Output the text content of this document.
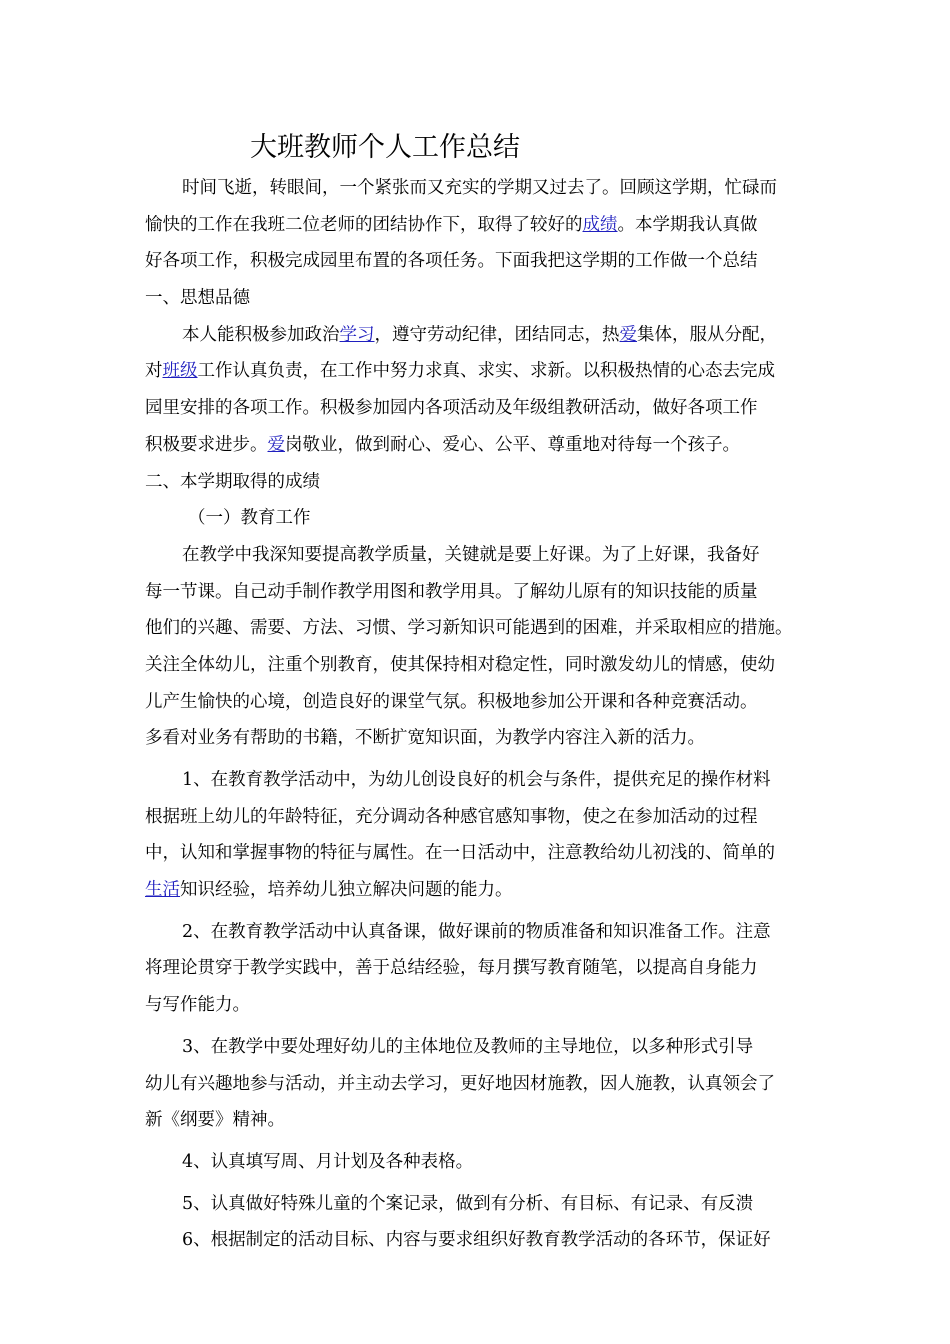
大班教师个人工作总结
时间飞逝，转眼间，一个紧张而又充实的学期又过去了。回顾这学期，忙碌而
愉快的工作在我班二位老师的团结协作下，取得了较好的成绩。本学期我认真做
好各项工作，积极完成园里布置的各项任务。下面我把这学期的工作做一个总结
一、思想品德
本人能积极参加政治学习，遵守劳动纪律，团结同志，热爱集体，服从分配，
对班级工作认真负责，在工作中努力求真、求实、求新。以积极热情的心态去完成
园里安排的各项工作。积极参加园内各项活动及年级组教研活动，做好各项工作
积极要求进步。爱岗敬业，做到耐心、爱心、公平、尊重地对待每一个孩子。
二、本学期取得的成绩
（一）教育工作
在教学中我深知要提高教学质量，关键就是要上好课。为了上好课，我备好
每一节课。自己动手制作教学用图和教学用具。了解幼儿原有的知识技能的质量
他们的兴趣、需要、方法、习惯、学习新知识可能遇到的困难，并采取相应的措施。
关注全体幼儿，注重个别教育，使其保持相对稳定性，同时激发幼儿的情感，使幼
儿产生愉快的心境，创造良好的课堂气氛。积极地参加公开课和各种竞赛活动。
多看对业务有帮助的书籍，不断扩宽知识面，为教学内容注入新的活力。
1、在教育教学活动中，为幼儿创设良好的机会与条件，提供充足的操作材料
根据班上幼儿的年龄特征，充分调动各种感官感知事物，使之在参加活动的过程
中，认知和掌握事物的特征与属性。在一日活动中，注意教给幼儿初浅的、简单的
生活知识经验，培养幼儿独立解决问题的能力。
2、在教育教学活动中认真备课，做好课前的物质准备和知识准备工作。注意
将理论贯穿于教学实践中，善于总结经验，每月撰写教育随笔，以提高自身能力
与写作能力。
3、在教学中要处理好幼儿的主体地位及教师的主导地位，以多种形式引导
幼儿有兴趣地参与活动，并主动去学习，更好地因材施教，因人施教，认真领会了
新《纲要》精神。
4、认真填写周、月计划及各种表格。
5、认真做好特殊儿童的个案记录，做到有分析、有目标、有记录、有反溃
6、根据制定的活动目标、内容与要求组织好教育教学活动的各环节，保证好
